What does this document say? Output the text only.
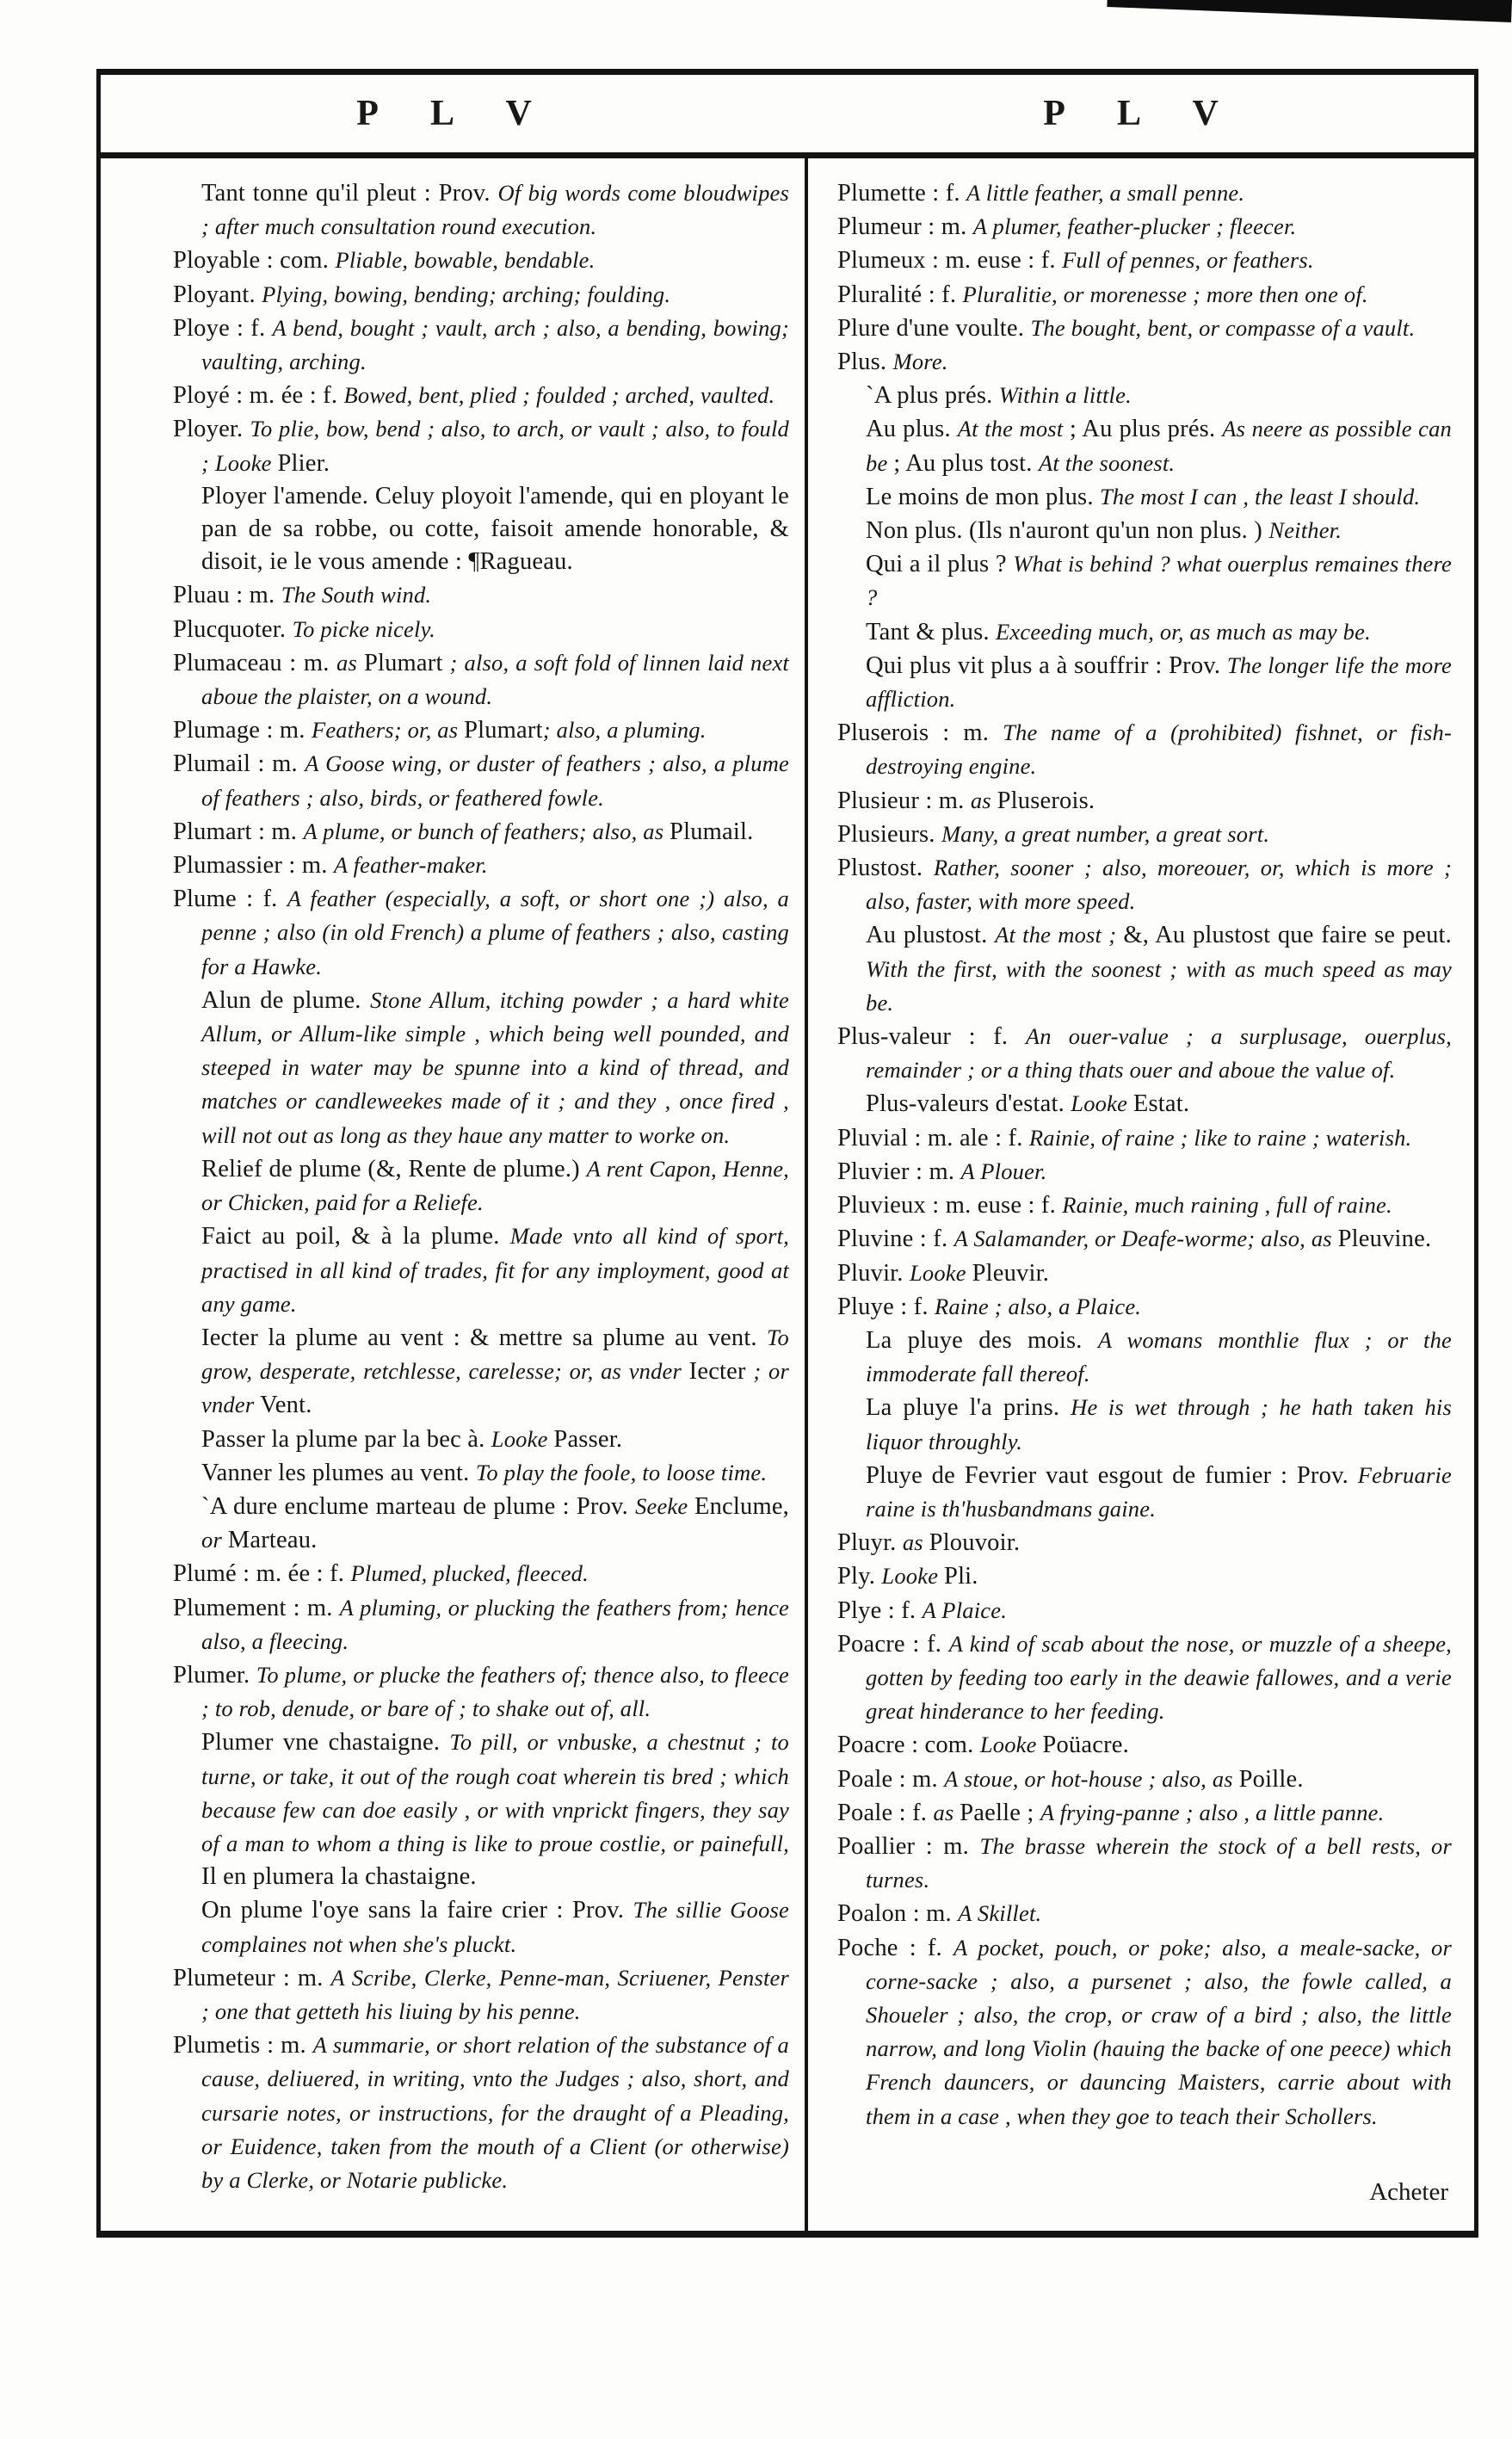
P L V	P L V

Tant tonne qu'il pleut : Prov. Of big words come bloudwipes ; after much consultation round execution.

Ployable : com. Pliable, bowable, bendable.

Ployant. Plying, bowing, bending; arching; foulding.

Ploye : f. A bend, bought ; vault, arch ; also, a bending, bowing; vaulting, arching.

Ployé : m. ée : f. Bowed, bent, plied ; foulded ; arched, vaulted.

Ployer. To plie, bow, bend ; also, to arch, or vault ; also, to fould ; Looke Plier.

Ployer l'amende. Celuy ployoit l'amende, qui en ployant le pan de sa robbe, ou cotte, faisoit amende honorable, & disoit, ie le vous amende : ¶Ragueau.

Pluau : m. The South wind.

Plucquoter. To picke nicely.

Plumaceau : m. as Plumart ; also, a soft fold of linnen laid next aboue the plaister, on a wound.

Plumage : m. Feathers; or, as Plumart; also, a pluming.

Plumail : m. A Goose wing, or duster of feathers ; also, a plume of feathers ; also, birds, or feathered fowle.

Plumart : m. A plume, or bunch of feathers; also, as Plumail.

Plumassier : m. A feather-maker.

Plume : f. A feather (especially, a soft, or short one ;) also, a penne ; also (in old French) a plume of feathers ; also, casting for a Hawke.

Alun de plume. Stone Allum, itching powder ; a hard white Allum, or Allum-like simple , which being well pounded, and steeped in water may be spunne into a kind of thread, and matches or candleweekes made of it ; and they , once fired , will not out as long as they haue any matter to worke on.

Relief de plume (&, Rente de plume.) A rent Capon, Henne, or Chicken, paid for a Reliefe.

Faict au poil, & à la plume. Made vnto all kind of sport, practised in all kind of trades, fit for any imployment, good at any game.

Iecter la plume au vent : & mettre sa plume au vent. To grow, desperate, retchlesse, carelesse; or, as vnder Iecter ; or vnder Vent.

Passer la plume par la bec à. Looke Passer.

Vanner les plumes au vent. To play the foole, to loose time.

`A dure enclume marteau de plume : Prov. Seeke Enclume, or Marteau.

Plumé : m. ée : f. Plumed, plucked, fleeced.

Plumement : m. A pluming, or plucking the feathers from; hence also, a fleecing.

Plumer. To plume, or plucke the feathers of; thence also, to fleece ; to rob, denude, or bare of ; to shake out of, all.

Plumer vne chastaigne. To pill, or vnbuske, a chestnut ; to turne, or take, it out of the rough coat wherein tis bred ; which because few can doe easily , or with vnprickt fingers, they say of a man to whom a thing is like to proue costlie, or painefull, Il en plumera la chastaigne.

On plume l'oye sans la faire crier : Prov. The sillie Goose complaines not when she's pluckt.

Plumeteur : m. A Scribe, Clerke, Penne-man, Scriuener, Penster ; one that getteth his liuing by his penne.

Plumetis : m. A summarie, or short relation of the substance of a cause, deliuered, in writing, vnto the Judges ; also, short, and cursarie notes, or instructions, for the draught of a Pleading, or Euidence, taken from the mouth of a Client (or otherwise) by a Clerke, or Notarie publicke.	Acheter

Plumette : f. A little feather, a small penne.

Plumeur : m. A plumer, feather-plucker ; fleecer.

Plumeux : m. euse : f. Full of pennes, or feathers.

Pluralité : f. Pluralitie, or morenesse ; more then one of.

Plure d'une voulte. The bought, bent, or compasse of a vault.

Plus. More.

`A plus prés. Within a little.

Au plus. At the most ; Au plus prés. As neere as possible can be ; Au plus tost. At the soonest.

Le moins de mon plus. The most I can , the least I should.

Non plus. (Ils n'auront qu'un non plus. ) Neither.

Qui a il plus ? What is behind ? what ouerplus remaines there ?

Tant & plus. Exceeding much, or, as much as may be.

Qui plus vit plus a à souffrir : Prov. The longer life the more affliction.

Pluserois : m. The name of a (prohibited) fishnet, or fish-destroying engine.

Plusieur : m. as Pluserois.

Plusieurs. Many, a great number, a great sort.

Plustost. Rather, sooner ; also, moreouer, or, which is more ; also, faster, with more speed.

Au plustost. At the most ; &, Au plustost que faire se peut. With the first, with the soonest ; with as much speed as may be.

Plus-valeur : f. An ouer-value ; a surplusage, ouerplus, remainder ; or a thing thats ouer and aboue the value of.

Plus-valeurs d'estat. Looke Estat.

Pluvial : m. ale : f. Rainie, of raine ; like to raine ; waterish.

Pluvier : m. A Plouer.

Pluvieux : m. euse : f. Rainie, much raining , full of raine.

Pluvine : f. A Salamander, or Deafe-worme; also, as Pleuvine.

Pluvir. Looke Pleuvir.

Pluye : f. Raine ; also, a Plaice.

La pluye des mois. A womans monthlie flux ; or the immoderate fall thereof.

La pluye l'a prins. He is wet through ; he hath taken his liquor throughly.

Pluye de Fevrier vaut esgout de fumier : Prov. Februarie raine is th'husbandmans gaine.

Pluyr. as Plouvoir.

Ply. Looke Pli.

Plye : f. A Plaice.

Poacre : f. A kind of scab about the nose, or muzzle of a sheepe, gotten by feeding too early in the deawie fallowes, and a verie great hinderance to her feeding.

Poacre : com. Looke Poüacre.

Poale : m. A stoue, or hot-house ; also, as Poille.

Poale : f. as Paelle ; A frying-panne ; also , a little panne.

Poallier : m. The brasse wherein the stock of a bell rests, or turnes.

Poalon : m. A Skillet.

Poche : f. A pocket, pouch, or poke; also, a meale-sacke, or corne-sacke ; also, a pursenet ; also, the fowle called, a Shoueler ; also, the crop, or craw of a bird ; also, the little narrow, and long Violin (hauing the backe of one peece) which French dauncers, or dauncing Maisters, carrie about with them in a case , when they goe to teach their Schollers.
